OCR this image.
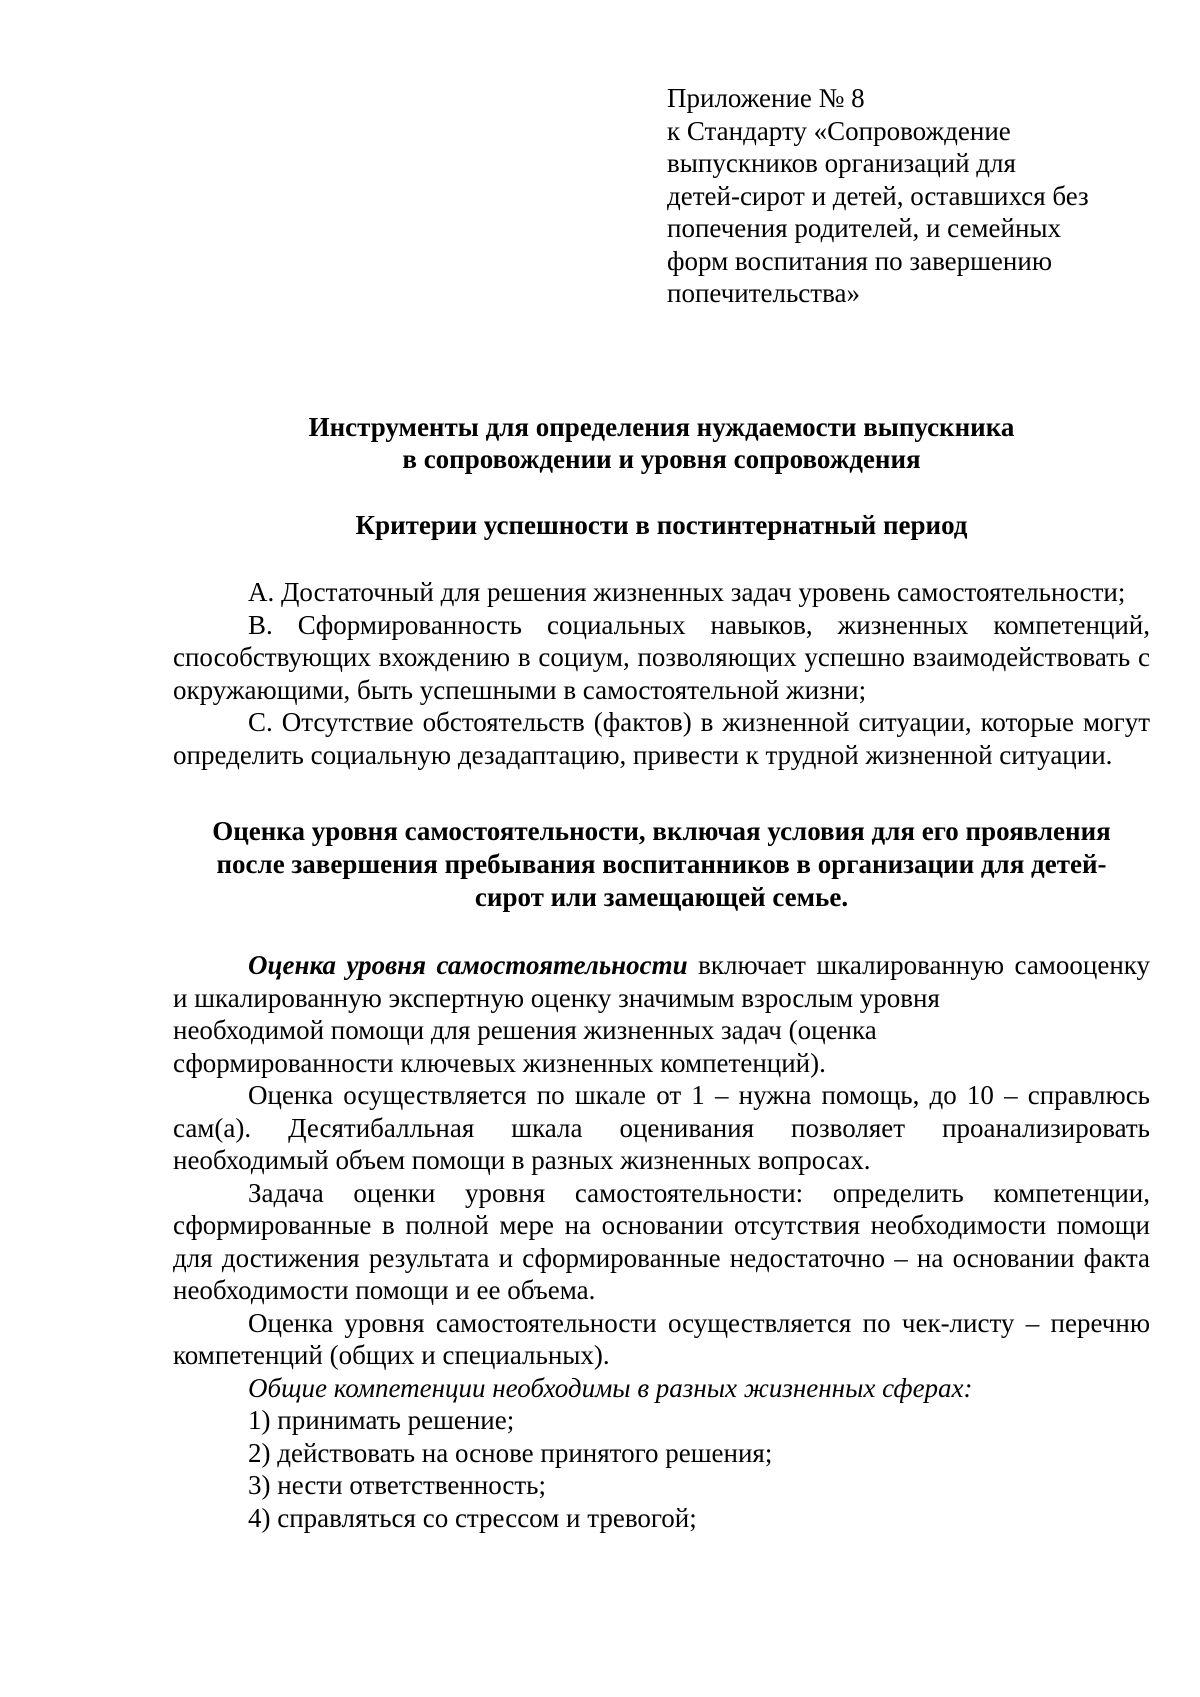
Приложение № 8
к Стандарту «Сопровождение
выпускников организаций для
детей-сирот и детей, оставшихся без
попечения родителей, и семейных
форм воспитания по завершению
попечительства»
Инструменты для определения нуждаемости выпускника
в сопровождении и уровня сопровождения
Критерии успешности в постинтернатный период

A. Достаточный для решения жизненных задач уровень самостоятельности;

B. Сформированность социальных навыков, жизненных компетенций, способствующих вхождению в социум, позволяющих успешно взаимодействовать с окружающими, быть успешными в самостоятельной жизни;

C. Отсутствие обстоятельств (фактов) в жизненной ситуации, которые могут определить социальную дезадаптацию, привести к трудной жизненной ситуации.

Оценка уровня самостоятельности, включая условия для его проявления
после завершения пребывания воспитанников в организации для детей-
сирот или замещающей семье.

Оценка уровня самостоятельности включает шкалированную самооценку и шкалированную экспертную оценку значимым взрослым уровня

необходимой помощи для решения жизненных задач (оценка

сформированности ключевых жизненных компетенций).

Оценка осуществляется по шкале от 1 – нужна помощь, до 10 – справлюсь сам(а). Десятибалльная шкала оценивания позволяет проанализировать необходимый объем помощи в разных жизненных вопросах.

Задача оценки уровня самостоятельности: определить компетенции, сформированные в полной мере на основании отсутствия необходимости помощи для достижения результата и сформированные недостаточно – на основании факта необходимости помощи и ее объема.

Оценка уровня самостоятельности осуществляется по чек-листу – перечню компетенций (общих и специальных).

Общие компетенции необходимы в разных жизненных сферах:

1) принимать решение;

2) действовать на основе принятого решения;

3) нести ответственность;

4) справляться со стрессом и тревогой;
